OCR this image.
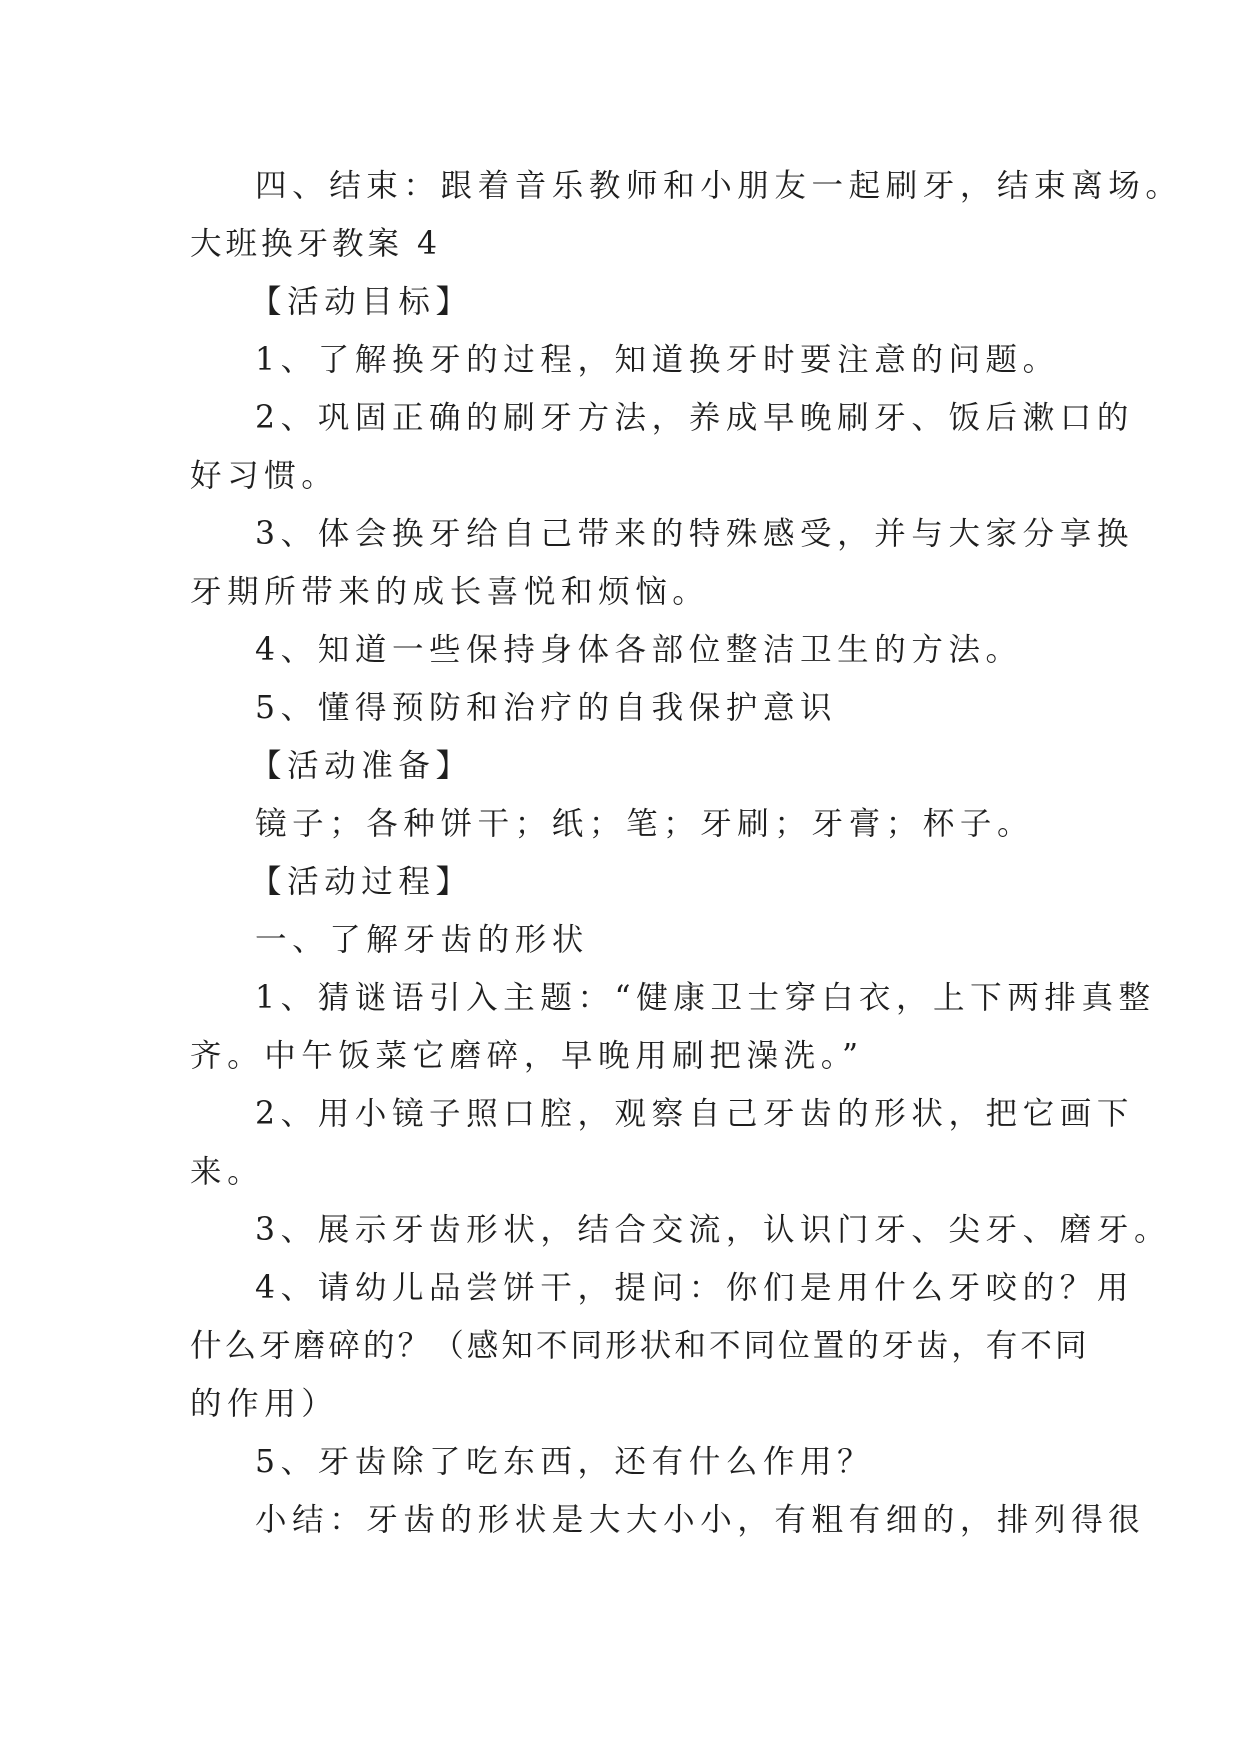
四、结束：跟着音乐教师和小朋友一起刷牙，结束离场。

大班换牙教案 4

【活动目标】

1、了解换牙的过程，知道换牙时要注意的问题。

2、巩固正确的刷牙方法，养成早晚刷牙、饭后漱口的

好习惯。

3、体会换牙给自己带来的特殊感受，并与大家分享换

牙期所带来的成长喜悦和烦恼。

4、知道一些保持身体各部位整洁卫生的方法。

5、懂得预防和治疗的自我保护意识

【活动准备】

镜子；各种饼干；纸；笔；牙刷；牙膏；杯子。

【活动过程】

一、了解牙齿的形状

1、猜谜语引入主题：“健康卫士穿白衣，上下两排真整

齐。中午饭菜它磨碎，早晚用刷把澡洗。”

2、用小镜子照口腔，观察自己牙齿的形状，把它画下

来。

3、展示牙齿形状，结合交流，认识门牙、尖牙、磨牙。

4、请幼儿品尝饼干，提问：你们是用什么牙咬的？用

什么牙磨碎的？（感知不同形状和不同位置的牙齿，有不同

的作用）

5、牙齿除了吃东西，还有什么作用？

小结：牙齿的形状是大大小小，有粗有细的，排列得很
